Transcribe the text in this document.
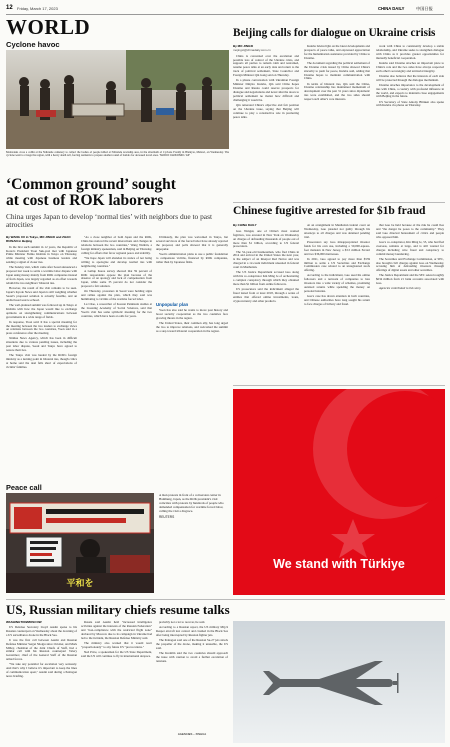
12 Friday, March 17, 2023	CHINA DAILY	中国日报
WORLD
Cyclone havoc
Malawians cross a coffin at the Ndirande cemetery to collect the bodies of people killed at Ndirande township area, in the aftermath of Cyclone Freddy in Blantyre, Malawi, on Wednesday. The cyclone went to ravage the region, with a heavy death toll, forcing residents to prepare another round of burials for deceased loved ones. THOKO CHIKONDI / AP
‘Common ground’ sought
at cost of ROK laborers
China urges Japan to develop ‘normal ties’ with neighbors due to past atrocities
By WANG XU in Tokyo, MO JINGXI and ZHAO RUINAN in Beijing

In the first such summit in 12 years, the Republic of Korea's President Yoon Suk-yeol met with Japanese Prime Minister Fumio Kishida in Tokyo on Thursday, while meeting with Japanese business leaders and sending a signal of closer ties.

The Sunday visit, which came after Seoul announced a proposal last week to settle a wartime labor dispute with Japan using money mainly from ROK companies instead of from Japan, was largely regarded as an effort towards rebuild the two neighbors' bilateral ties.

However, the result of the visit remains to be seen. Japan's Kyodo News said Japan is still weighing whether Seoul's proposed solution is actually feasible, and an undisclosed source echoed.

The well-planned summit was followed up in Tokyo at Kishida with how the Japan would like to exchange opinions on strengthening communications between governments in a wide range of fields.

In response, Yoon said: It has a special meaning for the meeting between the two leaders to exchange views on relations between the two countries, Yoon said in a press conference after the meeting.

Xinhua News Agency, which has been in difficult situations due to various pending issues, including the past labor dispute, Seoul and Tokyo have agreed to restore their ties.

The Tokyo visit was lauded by the ROK's foreign ministry as a turning point in bilateral ties, though critics at home said the deal falls short of expectations of victims' families.

"As a close neighbor of both Japan and the ROK, China has noticed the recent interactions and changes in relations between the two countries," Wang Wenbin, a foreign ministry spokesman, said in Beijing on Thursday, calling for efforts that favor regional peace and stability.

"We hope Japan will abandon its stance of not being willing to apologize and develop normal ties with neighboring countries."

A Gallup Korea survey showed that 59 percent of ROK respondents oppose the plan because of the absence of an apology and lack of compensation from Japan, while some 35 percent do not consider the proposal a fair solution.

On Thursday, protesters in Seoul were holding signs and rallies against the plan, which they said was humiliating to victims of the wartime forced labor.

Lu Chao, a researcher of Korean Peninsula studies at the Liaoning Academy of Social Sciences, said that Yoon's visit has some symbolic meaning for the two countries, which have been at odds for years.

Ultimately, the plan was welcomed in Tokyo, but several survivors of the forced labor have already rejected the proposal, and polls showed that it is generally unpopular.

Yoon's administration plans to use a public foundation to compensate victims, financed by ROK companies, rather than by Japanese firms.

Unpopular plan

Yoon has also said he wants to move past history and boost security cooperation as the two countries face growing threats in the region.

The United States, their common ally, has long urged the two to improve relations, and welcomed the summit as a step toward trilateral cooperation in the region.

Beijing calls for dialogue on Ukraine crisis
By MO JINGXI
mojingxi@chinadaily.com.cn

China is concerned over the escalation and possible loss of control of the Ukraine crisis, and supports all parties to remain calm and restrained, resume peace talks at an early date and return to the track of political settlement, State Councilor and Foreign Minister Qin Gang said on Thursday.

In a phone conversation with Ukrainian Foreign Minister Dmytro Kuleba, Qin said China hopes Ukraine and Russia could reserve prospects for dialogue and negotiations and never shut the doors to political settlement no matter how difficult and challenging it would be.

Qin reiterated China's objective and fair position on the Ukraine issue, saying that Beijing will continue to play a constructive role in promoting peace talks.

Kuleba briefed Qin on the latest developments and prospects of peace talks, and expressed appreciation for the humanitarian assistance provided by China to Ukraine.

The document regarding the political settlement of the Ukraine crisis issued by China showed China's sincerity to push for peace, Kuleba said, adding that Ukraine hopes to maintain communication with China.

In terms of bilateral ties, Qin said the China-Ukraine relationship has maintained momentum of development over the past 31 years since diplomatic ties were established, and the two sides should respect each other's core interests.

work with China to consistently develop a stable relationship, and Ukraine seeks to strengthen dialogue with China as it provides greater opportunities for mutually beneficial cooperation.

Kuleba said Ukraine attaches an important place to China's role and the two sides have always respected each other's sovereignty and territorial integrity.

Ukraine also believes that the interests of each side will be protected through the dialogue mechanism.

Ukraine attaches importance to the development of ties with China, a country with profound influence in the world, and expects to maintain close engagements with Beijing in the future.

US Secretary of State Antony Blinken also spoke with Kuleba via phone on Thursday.

Chinese fugitive arrested for $1b fraud
By CHINA DAILY

Guo Wengui, one of China's most wanted fugitives, was arrested in New York on Wednesday on charges of defrauding thousands of people out of more than $1 billion, according to US federal prosecutors.

The 52-year-old businessman, who fled China in 2014 and arrived in the United States the next year, is the subject of an Interpol Red Notice and was charged in a 12-count indictment unsealed in federal court in Manhattan.

The US Justice Department accused Guo along with his co-conspirator Kin Ming Je of orchestrating a complex conspiracy through which they obtained more than $1 billion from online followers.

US prosecutors said the indictment alleged the fraud lasted from at least 2018, through a series of entities that offered online investments, loans, cryptocurrency and other products.

At an arraignment in Manhattan federal court on Wednesday, Guo pleaded not guilty through his attorneys to all charges and was detained pending trial.

Prosecutors say Guo misappropriated investor funds for his own use, including a 50,000-square-foot mansion in New Jersey, a $3.5 million Ferrari and two $36,000 mattresses.

In 2021, Guo agreed to pay more than $539 million to settle a US Securities and Exchange Commission case related to an unregistered stock offering.

According to the indictment, Guo used his online followers and a network of companies to lure investors into a wide variety of schemes, promising outsized returns while spending the money on personal luxuries.

Guo's case has drawn attention in both countries, and Chinese authorities have long sought his return to face charges of bribery and fraud.

that Guo be held because of the risk he could flee and "the danger he poses to the community." They said Guo directed harassment of critics and people who opposed him.

Guo's co-conspirator, Kin Ming Je, 55, who had fled overseas, remains at large, and is still wanted for charges including wire fraud and conspiracy to commit money laundering.

The Securities and Exchange Commission, or SEC, also brought civil charges against Guo on Wednesday, accusing him of defrauding investors through offerings of digital assets and other securities.

The Justice Department and the SEC seized roughly $634 million from 21 bank accounts associated with Guo.

Agencies contributed to this story.

Peace call
平和を

A man protests in front of a conversion center in Hamhung, Japan, as the ROK president's visit coincides with protests by hundreds of people who demanded compensation for wartime forced labor, calling the visit a disgrace.

REUTERS

We stand with Türkiye
US, Russian military chiefs resume talks
WASHINGTON/MOSCOW

US Defense Secretary Lloyd Austin spoke to his Russian counterpart on Wednesday about the downing of a US surveillance drone in the Black Sea.

It was the first call between Austin and Russian Defense Minister Sergei Shoigu since October, and Mark Milley, chairman of the Joint Chiefs of Staff, had a similar call with his Russian counterpart Valery Gerasimov, chief of the General Staff of the Russian armed forces.

"We take any potential for escalation very seriously. And that's why I believe it's important to keep the lines of communication open," Austin said during a Pentagon news briefing.

Russia said Austin held "increased intelligence activities against the interests of the Russian Federation" and "non-compliance with the restricted flight zone" declared by Moscow due to its campaign in Ukraine had led to the incident, the Russian Defense Ministry said.

The ministry also warned that it would react "proportionately" to any future US "provocations."

Ned Price, a spokesman for the US State Department, said the US will continue to fly in international airspace.

probably not a lot to recover, he said.

According to a Russian report, the US military MQ-9 Reaper aircraft lost contact and crashed in the Black Sea after being intercepted by Russian fighter jets.

The Pentagon said one of the Russian Su-27 jets struck the propeller of the drone, making it unusable, the US said.

The Kremlin said the two countries should approach the issue with caution to avoid a further escalation of tensions.

AGENCIES – XINHUA
